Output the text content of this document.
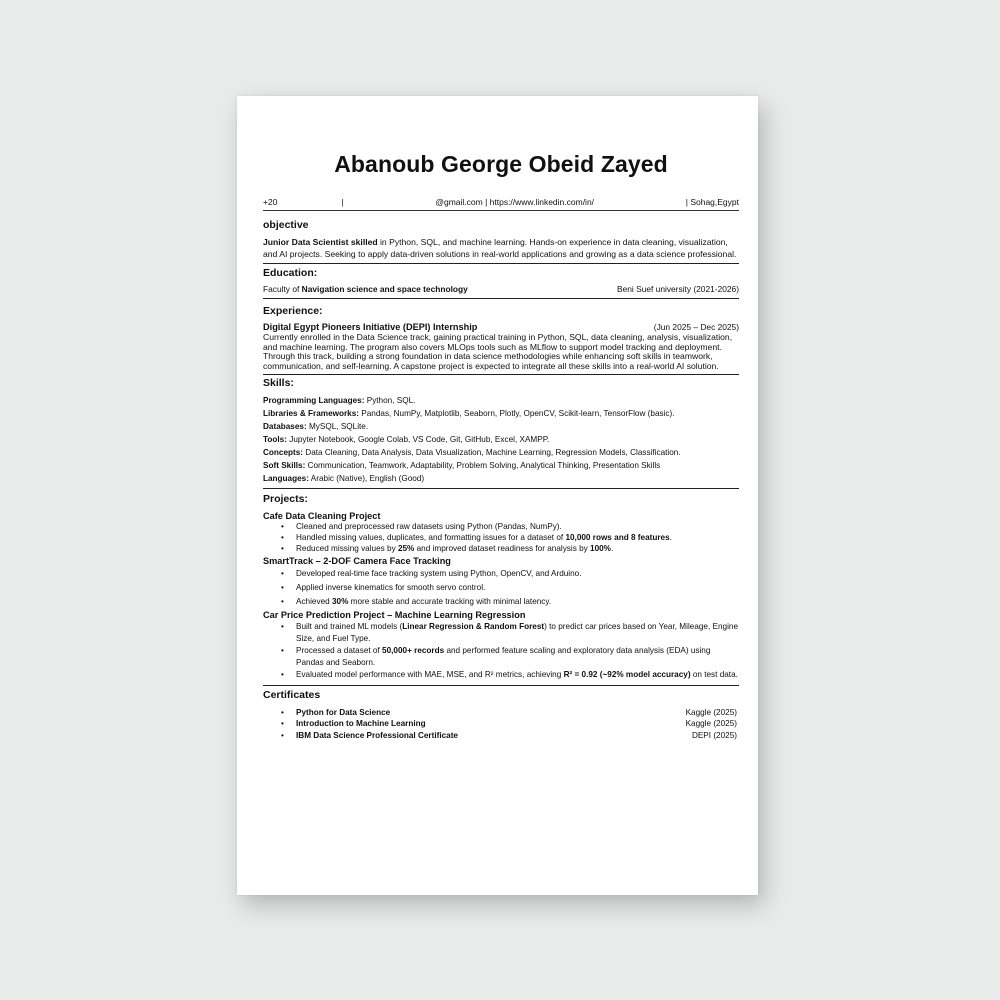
Abanoub George Obeid Zayed
+20	|	@gmail.com | https://www.linkedin.com/in/	| Sohag,Egypt
objective

Junior Data Scientist skilled in Python, SQL, and machine learning. Hands-on experience in data cleaning, visualization, and AI projects. Seeking to apply data-driven solutions in real-world applications and growing as a data science professional.

Education:
Faculty of Navigation science and space technology	Beni Suef university (2021-2026)
Experience:
Digital Egypt Pioneers Initiative (DEPI) Internship	(Jun 2025 – Dec 2025)

Currently enrolled in the Data Science track, gaining practical training in Python, SQL, data cleaning, analysis, visualization, and machine learning. The program also covers MLOps tools such as MLflow to support model tracking and deployment. Through this track, building a strong foundation in data science methodologies while enhancing soft skills in teamwork, communication, and self-learning. A capstone project is expected to integrate all these skills into a real-world AI solution.

Skills:
Programming Languages: Python, SQL.
Libraries & Frameworks: Pandas, NumPy, Matplotlib, Seaborn, Plotly, OpenCV, Scikit-learn, TensorFlow (basic).
Databases: MySQL, SQLite.
Tools: Jupyter Notebook, Google Colab, VS Code, Git, GitHub, Excel, XAMPP.
Concepts: Data Cleaning, Data Analysis, Data Visualization, Machine Learning, Regression Models, Classification.
Soft Skills: Communication, Teamwork, Adaptability, Problem Solving, Analytical Thinking, Presentation Skills
Languages: Arabic (Native), English (Good)
Projects:
Cafe Data Cleaning Project
• Cleaned and preprocessed raw datasets using Python (Pandas, NumPy).
• Handled missing values, duplicates, and formatting issues for a dataset of 10,000 rows and 8 features.
• Reduced missing values by 25% and improved dataset readiness for analysis by 100%.
SmartTrack – 2-DOF Camera Face Tracking
• Developed real-time face tracking system using Python, OpenCV, and Arduino.
• Applied inverse kinematics for smooth servo control.
• Achieved 30% more stable and accurate tracking with minimal latency.
Car Price Prediction Project – Machine Learning Regression
• Built and trained ML models (Linear Regression & Random Forest) to predict car prices based on Year, Mileage, Engine Size, and Fuel Type.
• Processed a dataset of 50,000+ records and performed feature scaling and exploratory data analysis (EDA) using Pandas and Seaborn.
• Evaluated model performance with MAE, MSE, and R² metrics, achieving R² = 0.92 (~92% model accuracy) on test data.
Certificates
• Python for Data Science	Kaggle (2025)
• Introduction to Machine Learning	Kaggle (2025)
• IBM Data Science Professional Certificate	DEPI (2025)
